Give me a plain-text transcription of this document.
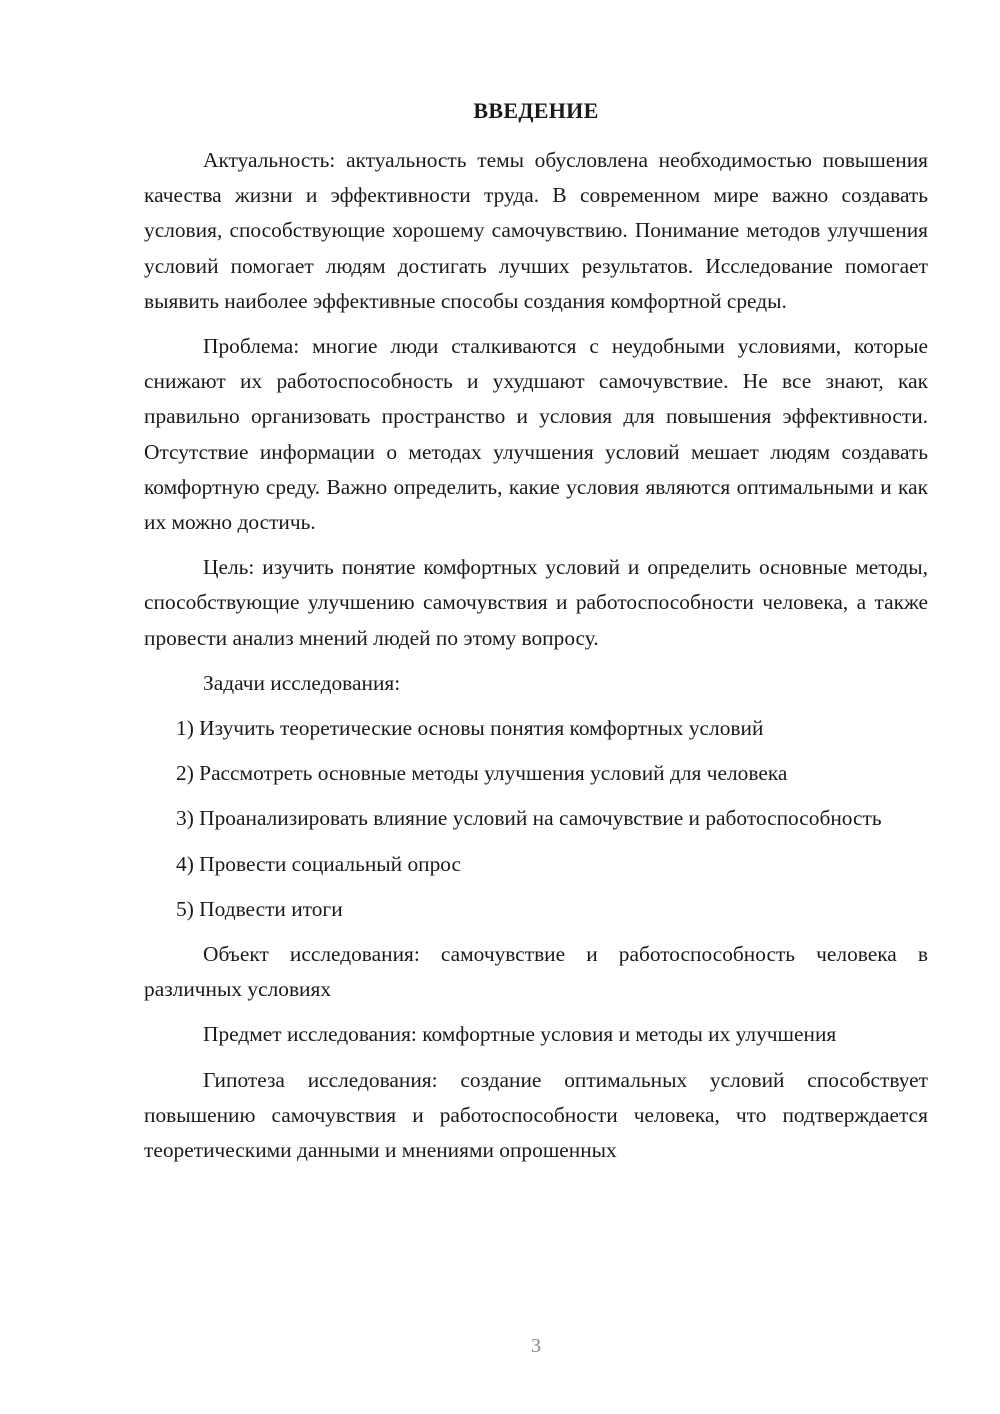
ВВЕДЕНИЕ

Актуальность: актуальность темы обусловлена необходимостью повышения качества жизни и эффективности труда. В современном мире важно создавать условия, способствующие хорошему самочувствию. Понимание методов улучшения условий помогает людям достигать лучших результатов. Исследование помогает выявить наиболее эффективные способы создания комфортной среды.

Проблема: многие люди сталкиваются с неудобными условиями, которые снижают их работоспособность и ухудшают самочувствие. Не все знают, как правильно организовать пространство и условия для повышения эффективности. Отсутствие информации о методах улучшения условий мешает людям создавать комфортную среду. Важно определить, какие условия являются оптимальными и как их можно достичь.

Цель: изучить понятие комфортных условий и определить основные методы, способствующие улучшению самочувствия и работоспособности человека, а также провести анализ мнений людей по этому вопросу.

Задачи исследования:

1) Изучить теоретические основы понятия комфортных условий

2) Рассмотреть основные методы улучшения условий для человека

3) Проанализировать влияние условий на самочувствие и работоспособность

4) Провести социальный опрос

5) Подвести итоги

Объект исследования: самочувствие и работоспособность человека в различных условиях

Предмет исследования: комфортные условия и методы их улучшения

Гипотеза исследования: создание оптимальных условий способствует повышению самочувствия и работоспособности человека, что подтверждается теоретическими данными и мнениями опрошенных

3
